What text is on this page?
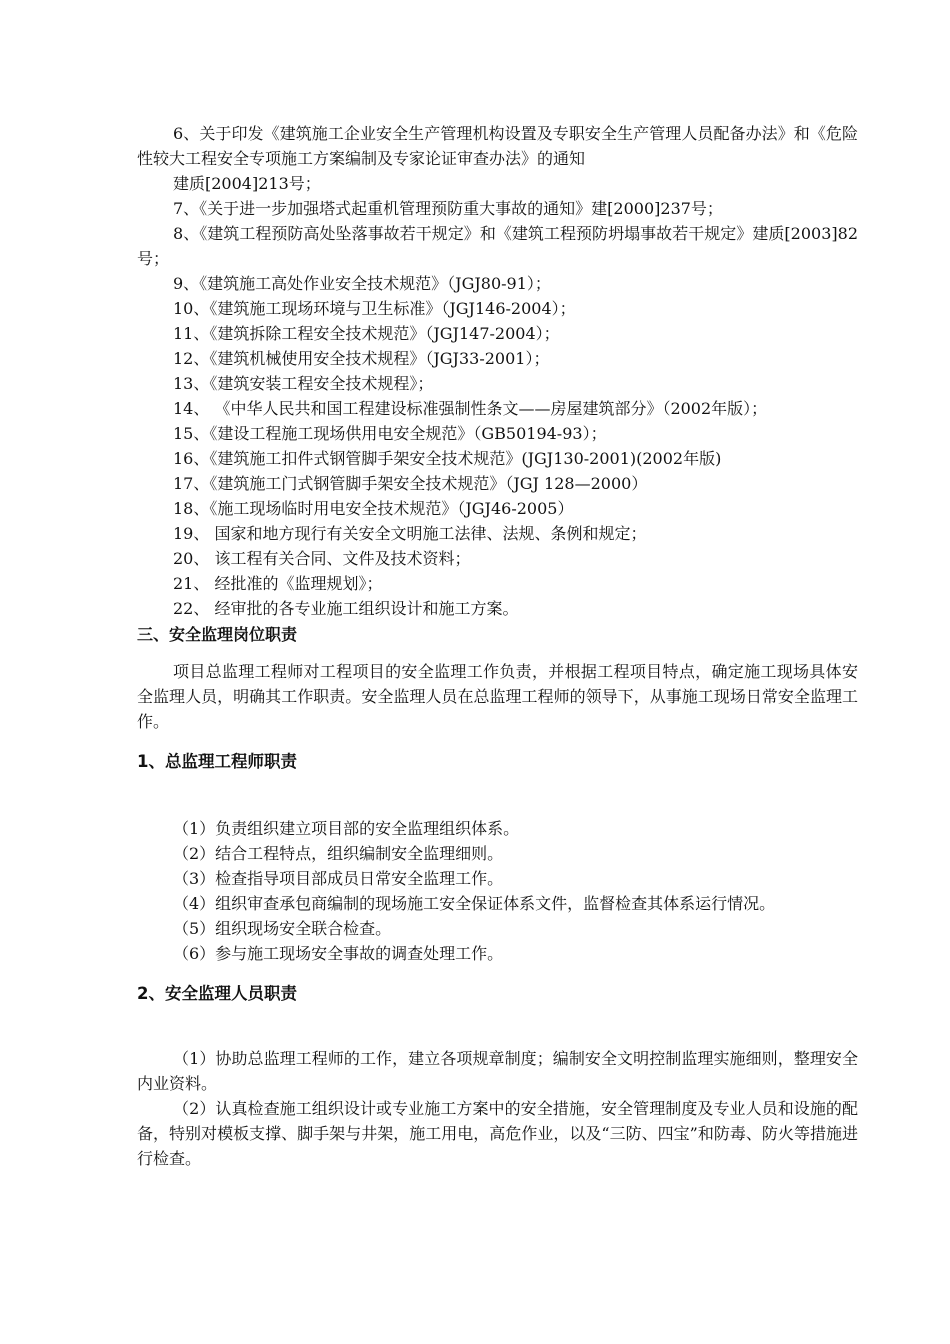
6、关于印发《建筑施工企业安全生产管理机构设置及专职安全生产管理人员配备办法》和《危险性较大工程安全专项施工方案编制及专家论证审查办法》的通知

建质[2004]213号；

7、《关于进一步加强塔式起重机管理预防重大事故的通知》建[2000]237号；

8、《建筑工程预防高处坠落事故若干规定》和《建筑工程预防坍塌事故若干规定》建质[2003]82号；

9、《建筑施工高处作业安全技术规范》（JGJ80-91）；

10、《建筑施工现场环境与卫生标准》（JGJ146-2004）；

11、《建筑拆除工程安全技术规范》（JGJ147-2004）；

12、《建筑机械使用安全技术规程》（JGJ33-2001）；

13、《建筑安装工程安全技术规程》；

14、 《中华人民共和国工程建设标准强制性条文——房屋建筑部分》（2002年版）；

15、《建设工程施工现场供用电安全规范》（GB50194-93）；

16、《建筑施工扣件式钢管脚手架安全技术规范》(JGJ130-2001)(2002年版)

17、《建筑施工门式钢管脚手架安全技术规范》（JGJ 128—2000）

18、《施工现场临时用电安全技术规范》（JGJ46-2005）

19、 国家和地方现行有关安全文明施工法律、法规、条例和规定；

20、 该工程有关合同、文件及技术资料；

21、 经批准的《监理规划》；

22、 经审批的各专业施工组织设计和施工方案。

三、安全监理岗位职责

项目总监理工程师对工程项目的安全监理工作负责，并根据工程项目特点，确定施工现场具体安全监理人员，明确其工作职责。安全监理人员在总监理工程师的领导下，从事施工现场日常安全监理工作。

1、总监理工程师职责

（1）负责组织建立项目部的安全监理组织体系。

（2）结合工程特点，组织编制安全监理细则。

（3）检查指导项目部成员日常安全监理工作。

（4）组织审查承包商编制的现场施工安全保证体系文件，监督检查其体系运行情况。

（5）组织现场安全联合检查。

（6）参与施工现场安全事故的调查处理工作。

2、安全监理人员职责

（1）协助总监理工程师的工作，建立各项规章制度；编制安全文明控制监理实施细则，整理安全内业资料。

（2）认真检查施工组织设计或专业施工方案中的安全措施，安全管理制度及专业人员和设施的配备，特别对模板支撑、脚手架与井架，施工用电，高危作业，以及“三防、四宝”和防毒、防火等措施进行检查。
